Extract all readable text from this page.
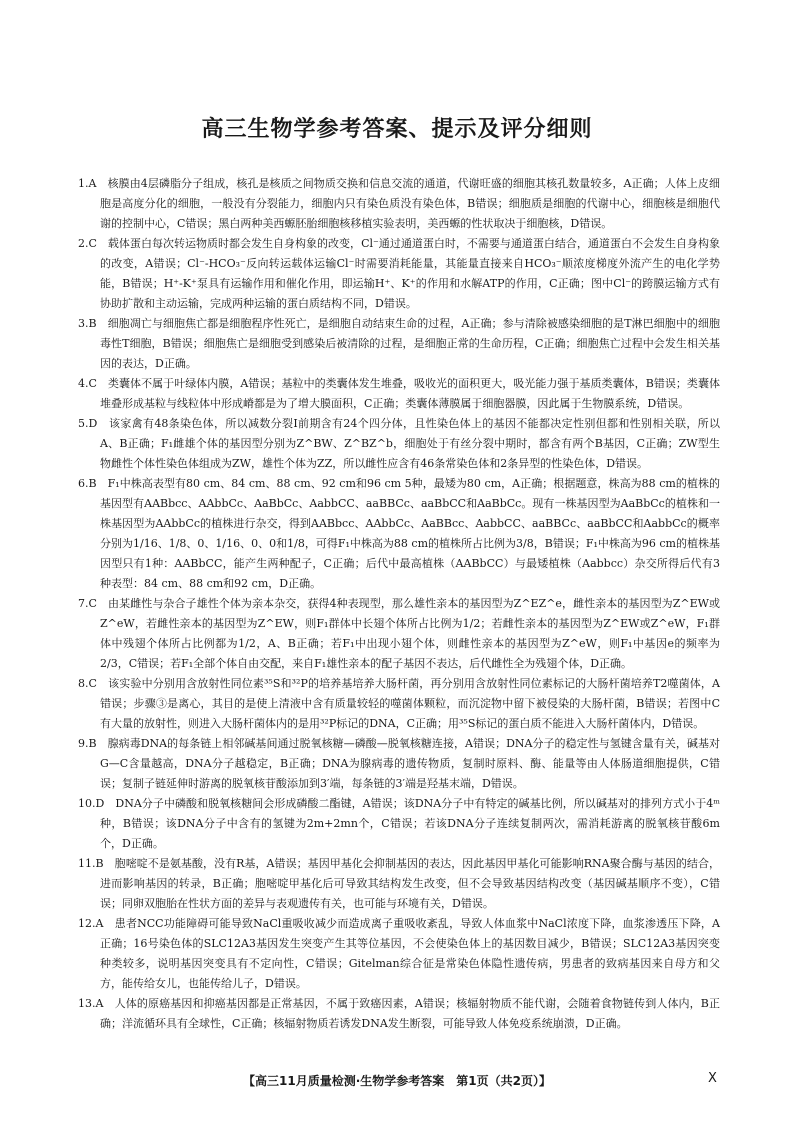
高三生物学参考答案、提示及评分细则

1.A　核膜由4层磷脂分子组成，核孔是核质之间物质交换和信息交流的通道，代谢旺盛的细胞其核孔数量较多，A正确；人体上皮细胞是高度分化的细胞，一般没有分裂能力，细胞内只有染色质没有染色体，B错误；细胞质是细胞的代谢中心，细胞核是细胞代谢的控制中心，C错误；黑白两种美西螈胚胎细胞核移植实验表明，美西螈的性状取决于细胞核，D错误。

2.C　载体蛋白每次转运物质时都会发生自身构象的改变，Cl⁻通过通道蛋白时，不需要与通道蛋白结合，通道蛋白不会发生自身构象的改变，A错误；Cl⁻-HCO₃⁻反向转运载体运输Cl⁻时需要消耗能量，其能量直接来自HCO₃⁻顺浓度梯度外流产生的电化学势能，B错误；H⁺-K⁺泵具有运输作用和催化作用，即运输H⁺、K⁺的作用和水解ATP的作用，C正确；图中Cl⁻的跨膜运输方式有协助扩散和主动运输，完成两种运输的蛋白质结构不同，D错误。

3.B　细胞凋亡与细胞焦亡都是细胞程序性死亡，是细胞自动结束生命的过程，A正确；参与清除被感染细胞的是T淋巴细胞中的细胞毒性T细胞，B错误；细胞焦亡是细胞受到感染后被清除的过程，是细胞正常的生命历程，C正确；细胞焦亡过程中会发生相关基因的表达，D正确。

4.C　类囊体不属于叶绿体内膜，A错误；基粒中的类囊体发生堆叠，吸收光的面积更大，吸光能力强于基质类囊体，B错误；类囊体堆叠形成基粒与线粒体中形成嵴都是为了增大膜面积，C正确；类囊体薄膜属于细胞器膜，因此属于生物膜系统，D错误。

5.D　该家禽有48条染色体，所以减数分裂Ⅰ前期含有24个四分体，且性染色体上的基因不能都决定性别但都和性别相关联，所以A、B正确；F₁雌雄个体的基因型分别为Z^BW、Z^BZ^b，细胞处于有丝分裂中期时，都含有两个B基因，C正确；ZW型生物雌性个体性染色体组成为ZW，雄性个体为ZZ，所以雌性应含有46条常染色体和2条异型的性染色体，D错误。

6.B　F₁中株高表型有80 cm、84 cm、88 cm、92 cm和96 cm 5种，最矮为80 cm，A正确；根据题意，株高为88 cm的植株的基因型有AABbcc、AAbbCc、AaBbCc、AabbCC、aaBBCc、aaBbCC和AaBbCc。现有一株基因型为AaBbCc的植株和一株基因型为AAbbCc的植株进行杂交，得到AABbcc、AAbbCc、AaBBcc、AabbCC、aaBBCc、aaBbCC和AabbCc的概率分别为1/16、1/8、0、1/16、0、0和1/8，可得F₁中株高为88 cm的植株所占比例为3/8，B错误；F₁中株高为96 cm的植株基因型只有1种：AABbCC，能产生两种配子，C正确；后代中最高植株（AABbCC）与最矮植株（Aabbcc）杂交所得后代有3种表型：84 cm、88 cm和92 cm，D正确。

7.C　由某雌性与杂合子雄性个体为亲本杂交，获得4种表现型，那么雄性亲本的基因型为Z^EZ^e，雌性亲本的基因型为Z^EW或Z^eW，若雌性亲本的基因型为Z^EW，则F₁群体中长翅个体所占比例为1/2；若雌性亲本的基因型为Z^EW或Z^eW，F₁群体中残翅个体所占比例都为1/2，A、B正确；若F₁中出现小翅个体，则雌性亲本的基因型为Z^eW，则F₁中基因e的频率为2/3，C错误；若F₁全部个体自由交配，来自F₁雄性亲本的配子基因不表达，后代雌性全为残翅个体，D正确。

8.C　该实验中分别用含放射性同位素³⁵S和³²P的培养基培养大肠杆菌，再分别用含放射性同位素标记的大肠杆菌培养T2噬菌体，A错误；步骤③是离心，其目的是使上清液中含有质量较轻的噬菌体颗粒，而沉淀物中留下被侵染的大肠杆菌，B错误；若图中C有大量的放射性，则进入大肠杆菌体内的是用³²P标记的DNA，C正确；用³⁵S标记的蛋白质不能进入大肠杆菌体内，D错误。

9.B　腺病毒DNA的每条链上相邻碱基间通过脱氧核糖—磷酸—脱氧核糖连接，A错误；DNA分子的稳定性与氢键含量有关，碱基对G—C含量越高，DNA分子越稳定，B正确；DNA为腺病毒的遗传物质，复制时原料、酶、能量等由人体肠道细胞提供，C错误；复制子链延伸时游离的脱氧核苷酸添加到3′端，每条链的3′端是羟基末端，D错误。

10.D　DNA分子中磷酸和脱氧核糖间会形成磷酸二酯键，A错误；该DNA分子中有特定的碱基比例，所以碱基对的排列方式小于4ᵐ种，B错误；该DNA分子中含有的氢键为2m+2mn个，C错误；若该DNA分子连续复制两次，需消耗游离的脱氧核苷酸6m个，D正确。

11.B　胞嘧啶不是氨基酸，没有R基，A错误；基因甲基化会抑制基因的表达，因此基因甲基化可能影响RNA聚合酶与基因的结合，进而影响基因的转录，B正确；胞嘧啶甲基化后可导致其结构发生改变，但不会导致基因结构改变（基因碱基顺序不变），C错误；同卵双胞胎在性状方面的差异与表观遗传有关，也可能与环境有关，D错误。

12.A　患者NCC功能障碍可能导致NaCl重吸收减少而造成离子重吸收紊乱，导致人体血浆中NaCl浓度下降，血浆渗透压下降，A正确；16号染色体的SLC12A3基因发生突变产生其等位基因，不会使染色体上的基因数目减少，B错误；SLC12A3基因突变种类较多，说明基因突变具有不定向性，C错误；Gitelman综合征是常染色体隐性遗传病，男患者的致病基因来自母方和父方，能传给女儿，也能传给儿子，D错误。

13.A　人体的原癌基因和抑癌基因都是正常基因，不属于致癌因素，A错误；核辐射物质不能代谢，会随着食物链传到人体内，B正确；洋流循环具有全球性，C正确；核辐射物质若诱发DNA发生断裂，可能导致人体免疫系统崩溃，D正确。

【高三11月质量检测·生物学参考答案　第1页（共2页）】	X
